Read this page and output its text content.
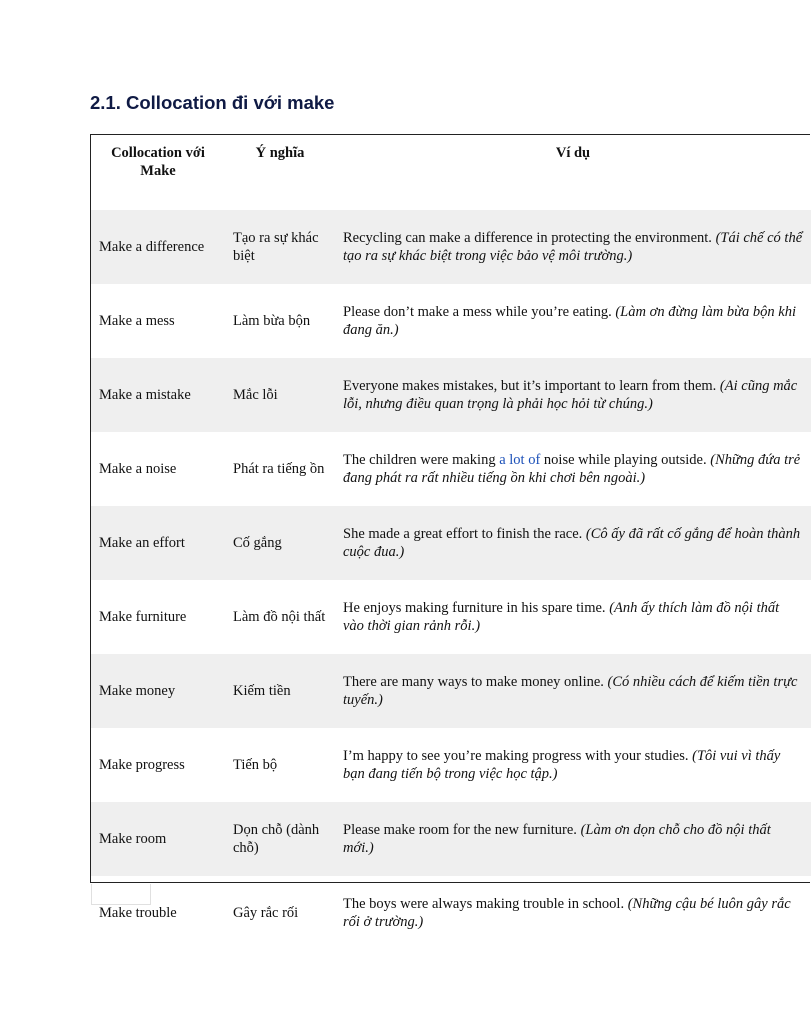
2.1. Collocation đi với make
Collocation với Make	Ý nghĩa	Ví dụ
Make a difference	Tạo ra sự khác biệt	Recycling can make a difference in protecting the environment. (Tái chế có thể tạo ra sự khác biệt trong việc bảo vệ môi trường.)
Make a mess	Làm bừa bộn	Please don’t make a mess while you’re eating. (Làm ơn đừng làm bừa bộn khi đang ăn.)
Make a mistake	Mắc lỗi	Everyone makes mistakes, but it’s important to learn from them. (Ai cũng mắc lỗi, nhưng điều quan trọng là phải học hỏi từ chúng.)
Make a noise	Phát ra tiếng ồn	The children were making a lot of noise while playing outside. (Những đứa trẻ đang phát ra rất nhiều tiếng ồn khi chơi bên ngoài.)
Make an effort	Cố gắng	She made a great effort to finish the race. (Cô ấy đã rất cố gắng để hoàn thành cuộc đua.)
Make furniture	Làm đồ nội thất	He enjoys making furniture in his spare time. (Anh ấy thích làm đồ nội thất vào thời gian rảnh rỗi.)
Make money	Kiếm tiền	There are many ways to make money online. (Có nhiều cách để kiếm tiền trực tuyến.)
Make progress	Tiến bộ	I’m happy to see you’re making progress with your studies. (Tôi vui vì thấy bạn đang tiến bộ trong việc học tập.)
Make room	Dọn chỗ (dành chỗ)	Please make room for the new furniture. (Làm ơn dọn chỗ cho đồ nội thất mới.)
Make trouble	Gây rắc rối	The boys were always making trouble in school. (Những cậu bé luôn gây rắc rối ở trường.)
